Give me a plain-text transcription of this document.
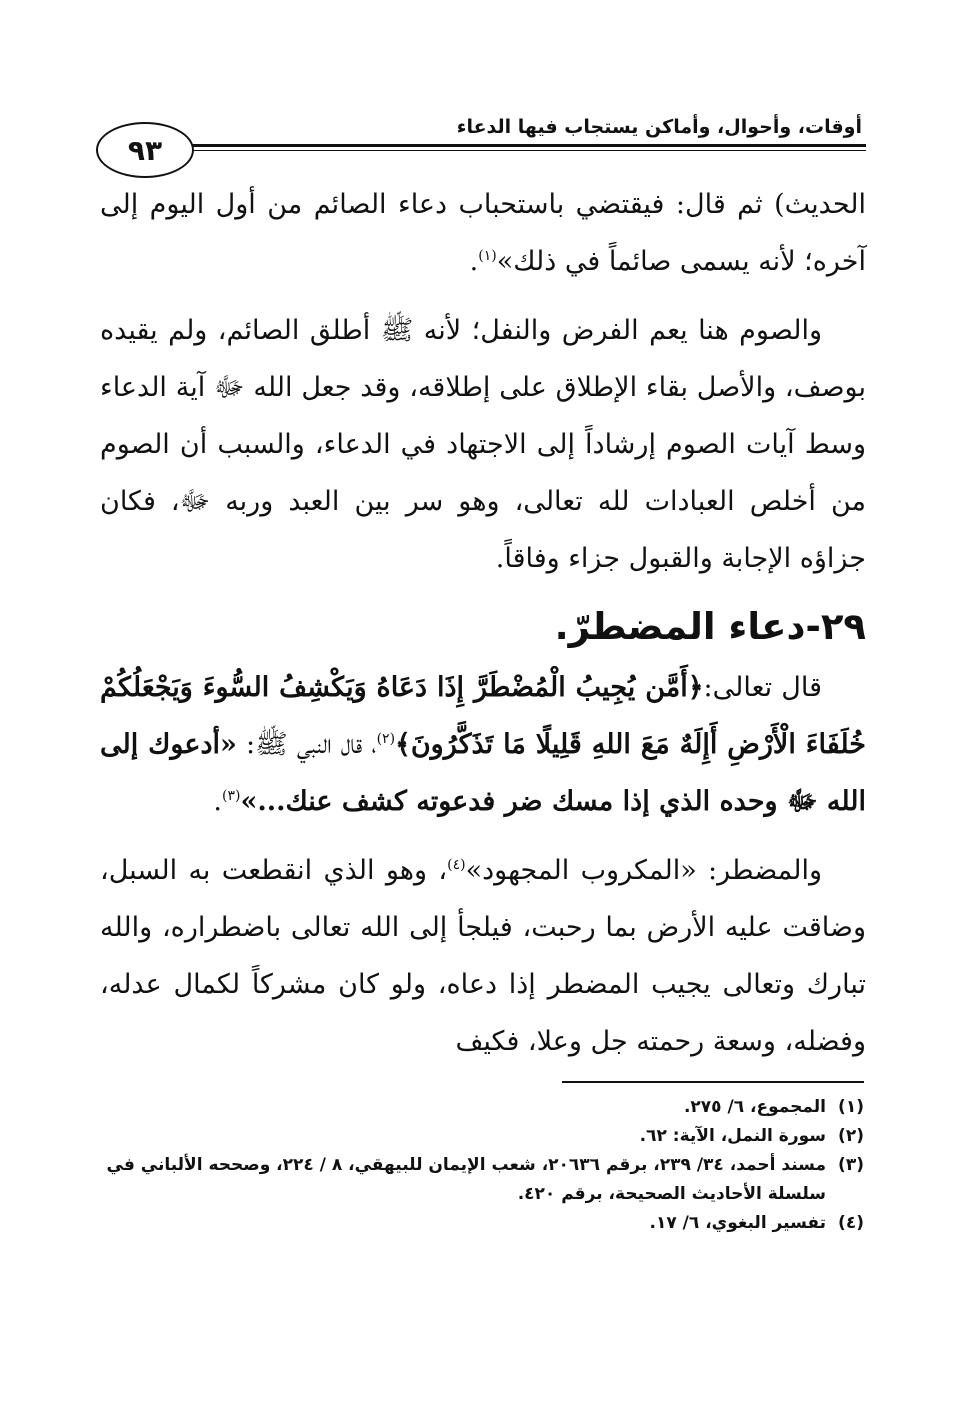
أوقات، وأحوال، وأماكن يستجاب فيها الدعاء
٩٣

الحديث) ثم قال: فيقتضي باستحباب دعاء الصائم من أول اليوم إلى آخره؛ لأنه يسمى صائماً في ذلك»$^{(١)}$.

والصوم هنا يعم الفرض والنفل؛ لأنه ﷺ أطلق الصائم، ولم يقيده بوصف، والأصل بقاء الإطلاق على إطلاقه، وقد جعل الله ﷻ آية الدعاء وسط آيات الصوم إرشاداً إلى الاجتهاد في الدعاء، والسبب أن الصوم من أخلص العبادات لله تعالى، وهو سر بين العبد وربه ﷻ، فكان جزاؤه الإجابة والقبول جزاء وفاقاً.

٢٩-دعاء المضطرّ.

قال تعالى:﴿أَمَّن يُجِيبُ الْمُضْطَرَّ إِذَا دَعَاهُ وَيَكْشِفُ السُّوءَ وَيَجْعَلُكُمْ خُلَفَاءَ الْأَرْضِ أَإِلَهٌ مَعَ اللهِ قَلِيلًا مَا تَذَكَّرُونَ﴾$^{(٢)}$، قال النبي ﷺ: «أدعوك إلى الله ﷻ وحده الذي إذا مسك ضر فدعوته كشف عنك...»$^{(٣)}$.

والمضطر: «المكروب المجهود»$^{(٤)}$، وهو الذي انقطعت به السبل، وضاقت عليه الأرض بما رحبت، فيلجأ إلى الله تعالى باضطراره، والله تبارك وتعالى يجيب المضطر إذا دعاه، ولو كان مشركاً لكمال عدله، وفضله، وسعة رحمته جل وعلا، فكيف

(١)
المجموع، ٦/ ٢٧٥.
(٢)
سورة النمل، الآية: ٦٢.
(٣)
مسند أحمد، ٣٤/ ٢٣٩، برقم ٢٠٦٣٦، شعب الإيمان للبيهقي، ٨ / ٢٢٤، وصححه الألباني في سلسلة الأحاديث الصحيحة، برقم ٤٢٠.
(٤)
تفسير البغوي، ٦/ ١٧.
